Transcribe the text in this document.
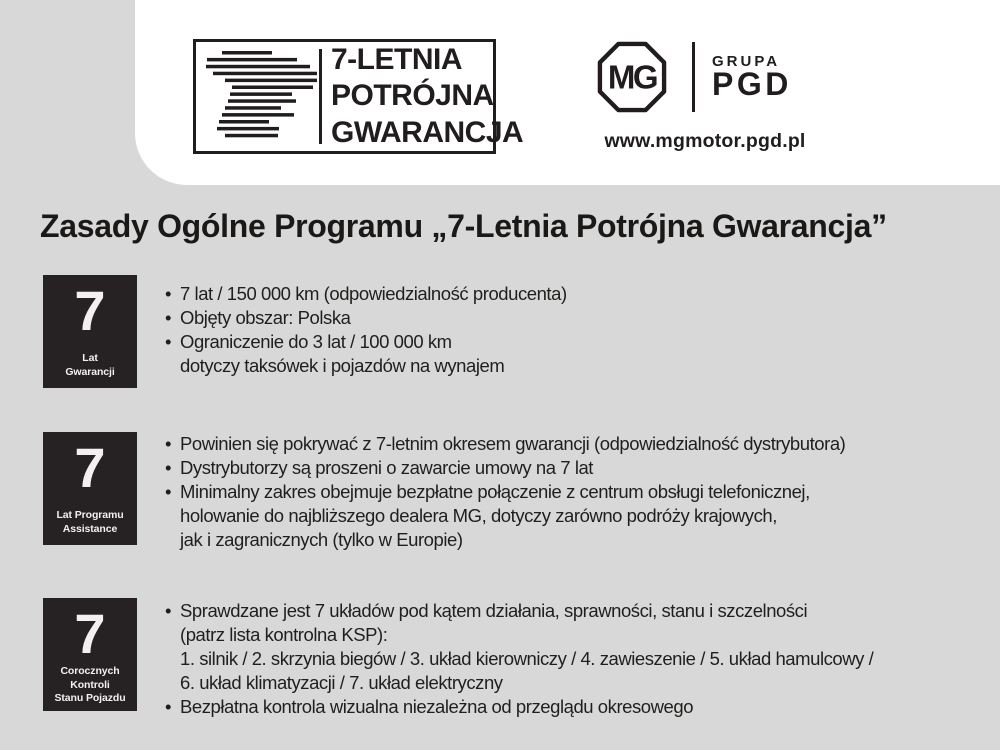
7-LETNIA
POTRÓJNA
GWARANCJA
MG	GRUPA
PGD
www.mgmotor.pgd.pl
Zasady Ogólne Programu „7-Letnia Potrójna Gwarancja”
7
Lat
Gwarancji
• 7 lat / 150 000 km (odpowiedzialność producenta)
• Objęty obszar: Polska
• Ograniczenie do 3 lat / 100 000 km
dotyczy taksówek i pojazdów na wynajem
7
Lat Programu
Assistance
• Powinien się pokrywać z 7-letnim okresem gwarancji (odpowiedzialność dystrybutora)
• Dystrybutorzy są proszeni o zawarcie umowy na 7 lat
• Minimalny zakres obejmuje bezpłatne połączenie z centrum obsługi telefonicznej,
holowanie do najbliższego dealera MG, dotyczy zarówno podróży krajowych,
jak i zagranicznych (tylko w Europie)
7
Corocznych Kontroli
Stanu Pojazdu
• Sprawdzane jest 7 układów pod kątem działania, sprawności, stanu i szczelności
(patrz lista kontrolna KSP):
1. silnik / 2. skrzynia biegów / 3. układ kierowniczy / 4. zawieszenie / 5. układ hamulcowy /
6. układ klimatyzacji / 7. układ elektryczny
• Bezpłatna kontrola wizualna niezależna od przeglądu okresowego
